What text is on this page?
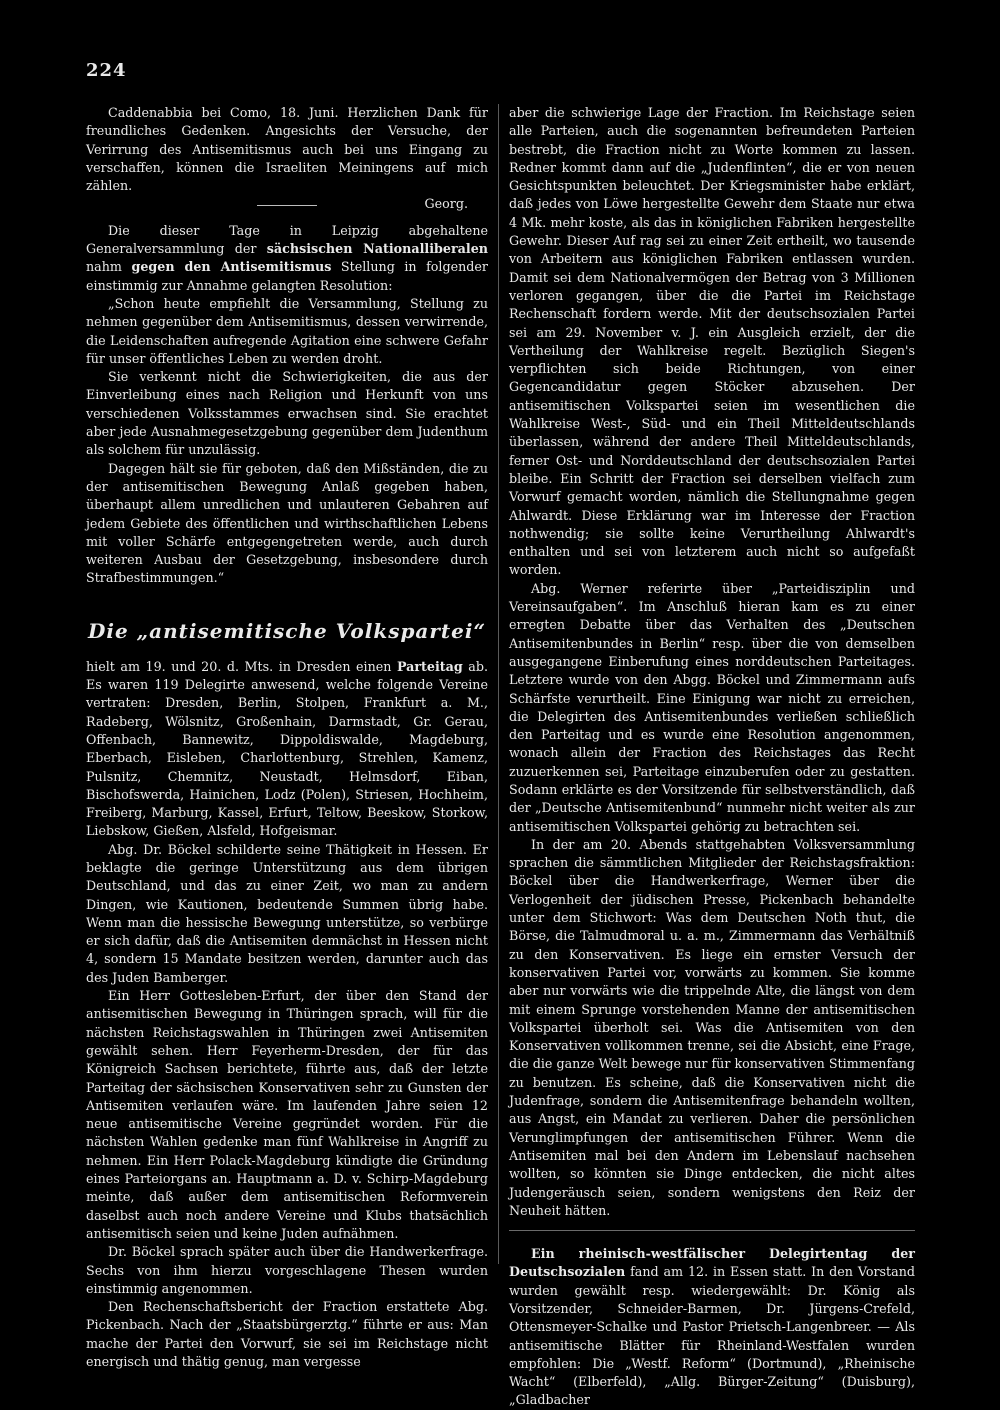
224

Caddenabbia bei Como, 18. Juni. Herzlichen Dank für freundliches Gedenken. Angesichts der Versuche, der Verirrung des Antisemitismus auch bei uns Eingang zu verschaffen, können die Israeliten Meiningens auf mich zählen.

Georg.

Die dieser Tage in Leipzig abgehaltene Generalversammlung der sächsischen Nationalliberalen nahm gegen den Antisemitismus Stellung in folgender einstimmig zur Annahme gelangten Resolution:

„Schon heute empfiehlt die Versammlung, Stellung zu nehmen gegenüber dem Antisemitismus, dessen verwirrende, die Leidenschaften aufregende Agitation eine schwere Gefahr für unser öffentliches Leben zu werden droht.

Sie verkennt nicht die Schwierigkeiten, die aus der Einverleibung eines nach Religion und Herkunft von uns verschiedenen Volksstammes erwachsen sind. Sie erachtet aber jede Ausnahmegesetzgebung gegenüber dem Judenthum als solchem für unzulässig.

Dagegen hält sie für geboten, daß den Mißständen, die zu der antisemitischen Bewegung Anlaß gegeben haben, überhaupt allem unredlichen und unlauteren Gebahren auf jedem Gebiete des öffentlichen und wirthschaftlichen Lebens mit voller Schärfe entgegengetreten werde, auch durch weiteren Ausbau der Gesetzgebung, insbesondere durch Strafbestimmungen.“

Die „antisemitische Volkspartei“

hielt am 19. und 20. d. Mts. in Dresden einen Parteitag ab. Es waren 119 Delegirte anwesend, welche folgende Vereine vertraten: Dresden, Berlin, Stolpen, Frankfurt a. M., Radeberg, Wölsnitz, Großenhain, Darmstadt, Gr. Gerau, Offenbach, Bannewitz, Dippoldiswalde, Magdeburg, Eberbach, Eisleben, Charlottenburg, Strehlen, Kamenz, Pulsnitz, Chemnitz, Neustadt, Helmsdorf, Eiban, Bischofswerda, Hainichen, Lodz (Polen), Striesen, Hochheim, Freiberg, Marburg, Kassel, Erfurt, Teltow, Beeskow, Storkow, Liebskow, Gießen, Alsfeld, Hofgeismar.

Abg. Dr. Böckel schilderte seine Thätigkeit in Hessen. Er beklagte die geringe Unterstützung aus dem übrigen Deutschland, und das zu einer Zeit, wo man zu andern Dingen, wie Kautionen, bedeutende Summen übrig habe. Wenn man die hessische Bewegung unterstütze, so verbürge er sich dafür, daß die Antisemiten demnächst in Hessen nicht 4, sondern 15 Mandate besitzen werden, darunter auch das des Juden Bamberger.

Ein Herr Gottesleben-Erfurt, der über den Stand der antisemitischen Bewegung in Thüringen sprach, will für die nächsten Reichstagswahlen in Thüringen zwei Antisemiten gewählt sehen. Herr Feyerherm-Dresden, der für das Königreich Sachsen berichtete, führte aus, daß der letzte Parteitag der sächsischen Konservativen sehr zu Gunsten der Antisemiten verlaufen wäre. Im laufenden Jahre seien 12 neue antisemitische Vereine gegründet worden. Für die nächsten Wahlen gedenke man fünf Wahlkreise in Angriff zu nehmen. Ein Herr Polack-Magdeburg kündigte die Gründung eines Parteiorgans an. Hauptmann a. D. v. Schirp-Magdeburg meinte, daß außer dem antisemitischen Reformverein daselbst auch noch andere Vereine und Klubs thatsächlich antisemitisch seien und keine Juden aufnähmen.

Dr. Böckel sprach später auch über die Handwerkerfrage. Sechs von ihm hierzu vorgeschlagene Thesen wurden einstimmig angenommen.

Den Rechenschaftsbericht der Fraction erstattete Abg. Pickenbach. Nach der „Staatsbürgerztg.“ führte er aus: Man mache der Partei den Vorwurf, sie sei im Reichstage nicht energisch und thätig genug, man vergesse

aber die schwierige Lage der Fraction. Im Reichstage seien alle Parteien, auch die sogenannten befreundeten Parteien bestrebt, die Fraction nicht zu Worte kommen zu lassen. Redner kommt dann auf die „Judenflinten“, die er von neuen Gesichtspunkten beleuchtet. Der Kriegsminister habe erklärt, daß jedes von Löwe hergestellte Gewehr dem Staate nur etwa 4 Mk. mehr koste, als das in königlichen Fabriken hergestellte Gewehr. Dieser Auf rag sei zu einer Zeit ertheilt, wo tausende von Arbeitern aus königlichen Fabriken entlassen wurden. Damit sei dem Nationalvermögen der Betrag von 3 Millionen verloren gegangen, über die die Partei im Reichstage Rechenschaft fordern werde. Mit der deutschsozialen Partei sei am 29. November v. J. ein Ausgleich erzielt, der die Vertheilung der Wahlkreise regelt. Bezüglich Siegen's verpflichten sich beide Richtungen, von einer Gegencandidatur gegen Stöcker abzusehen. Der antisemitischen Volkspartei seien im wesentlichen die Wahlkreise West-, Süd- und ein Theil Mitteldeutschlands überlassen, während der andere Theil Mitteldeutschlands, ferner Ost- und Norddeutschland der deutschsozialen Partei bleibe. Ein Schritt der Fraction sei derselben vielfach zum Vorwurf gemacht worden, nämlich die Stellungnahme gegen Ahlwardt. Diese Erklärung war im Interesse der Fraction nothwendig; sie sollte keine Verurtheilung Ahlwardt's enthalten und sei von letzterem auch nicht so aufgefaßt worden.

Abg. Werner referirte über „Parteidisziplin und Vereinsaufgaben“. Im Anschluß hieran kam es zu einer erregten Debatte über das Verhalten des „Deutschen Antisemitenbundes in Berlin“ resp. über die von demselben ausgegangene Einberufung eines norddeutschen Parteitages. Letztere wurde von den Abgg. Böckel und Zimmermann aufs Schärfste verurtheilt. Eine Einigung war nicht zu erreichen, die Delegirten des Antisemitenbundes verließen schließlich den Parteitag und es wurde eine Resolution angenommen, wonach allein der Fraction des Reichstages das Recht zuzuerkennen sei, Parteitage einzuberufen oder zu gestatten. Sodann erklärte es der Vorsitzende für selbstverständlich, daß der „Deutsche Antisemitenbund“ nunmehr nicht weiter als zur antisemitischen Volkspartei gehörig zu betrachten sei.

In der am 20. Abends stattgehabten Volksversammlung sprachen die sämmtlichen Mitglieder der Reichstagsfraktion: Böckel über die Handwerkerfrage, Werner über die Verlogenheit der jüdischen Presse, Pickenbach behandelte unter dem Stichwort: Was dem Deutschen Noth thut, die Börse, die Talmudmoral u. a. m., Zimmermann das Verhältniß zu den Konservativen. Es liege ein ernster Versuch der konservativen Partei vor, vorwärts zu kommen. Sie komme aber nur vorwärts wie die trippelnde Alte, die längst von dem mit einem Sprunge vorstehenden Manne der antisemitischen Volkspartei überholt sei. Was die Antisemiten von den Konservativen vollkommen trenne, sei die Absicht, eine Frage, die die ganze Welt bewege nur für konservativen Stimmenfang zu benutzen. Es scheine, daß die Konservativen nicht die Judenfrage, sondern die Antisemitenfrage behandeln wollten, aus Angst, ein Mandat zu verlieren. Daher die persönlichen Verunglimpfungen der antisemitischen Führer. Wenn die Antisemiten mal bei den Andern im Lebenslauf nachsehen wollten, so könnten sie Dinge entdecken, die nicht altes Judengeräusch seien, sondern wenigstens den Reiz der Neuheit hätten.

Ein rheinisch-westfälischer Delegirtentag der Deutschsozialen fand am 12. in Essen statt. In den Vorstand wurden gewählt resp. wiedergewählt: Dr. König als Vorsitzender, Schneider-Barmen, Dr. Jürgens-Crefeld, Ottensmeyer-Schalke und Pastor Prietsch-Langenbreer. — Als antisemitische Blätter für Rheinland-Westfalen wurden empfohlen: Die „Westf. Reform“ (Dortmund), „Rheinische Wacht“ (Elberfeld), „Allg. Bürger-Zeitung“ (Duisburg), „Gladbacher
